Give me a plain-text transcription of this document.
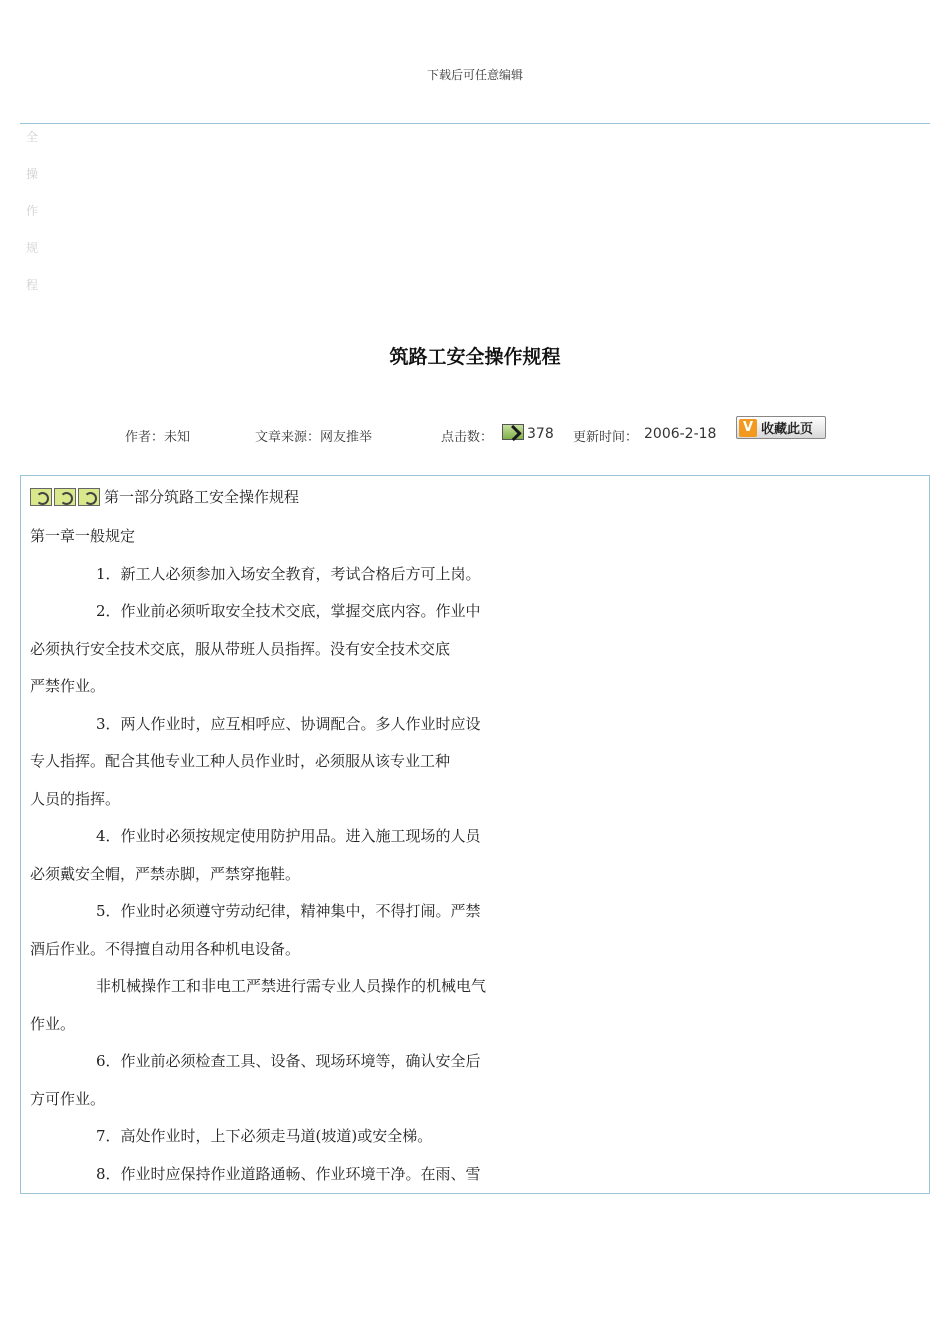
下载后可任意编辑
全
操
作
规
程
筑路工安全操作规程
作者：未知	文章来源：网友推举	点击数： 378 更新时间： 2006-2-18	V 收藏此页
第一部分筑路工安全操作规程
第一章一般规定
1．新工人必须参加入场安全教育，考试合格后方可上岗。
2．作业前必须听取安全技术交底，掌握交底内容。作业中
必须执行安全技术交底，服从带班人员指挥。没有安全技术交底
严禁作业。
3．两人作业时，应互相呼应、协调配合。多人作业时应设
专人指挥。配合其他专业工种人员作业时，必须服从该专业工种
人员的指挥。
4．作业时必须按规定使用防护用品。进入施工现场的人员
必须戴安全帽，严禁赤脚，严禁穿拖鞋。
5．作业时必须遵守劳动纪律，精神集中，不得打闹。严禁
酒后作业。不得擅自动用各种机电设备。
非机械操作工和非电工严禁进行需专业人员操作的机械电气
作业。
6．作业前必须检查工具、设备、现场环境等，确认安全后
方可作业。
7．高处作业时，上下必须走马道(坡道)或安全梯。
8．作业时应保持作业道路通畅、作业环境干净。在雨、雪
